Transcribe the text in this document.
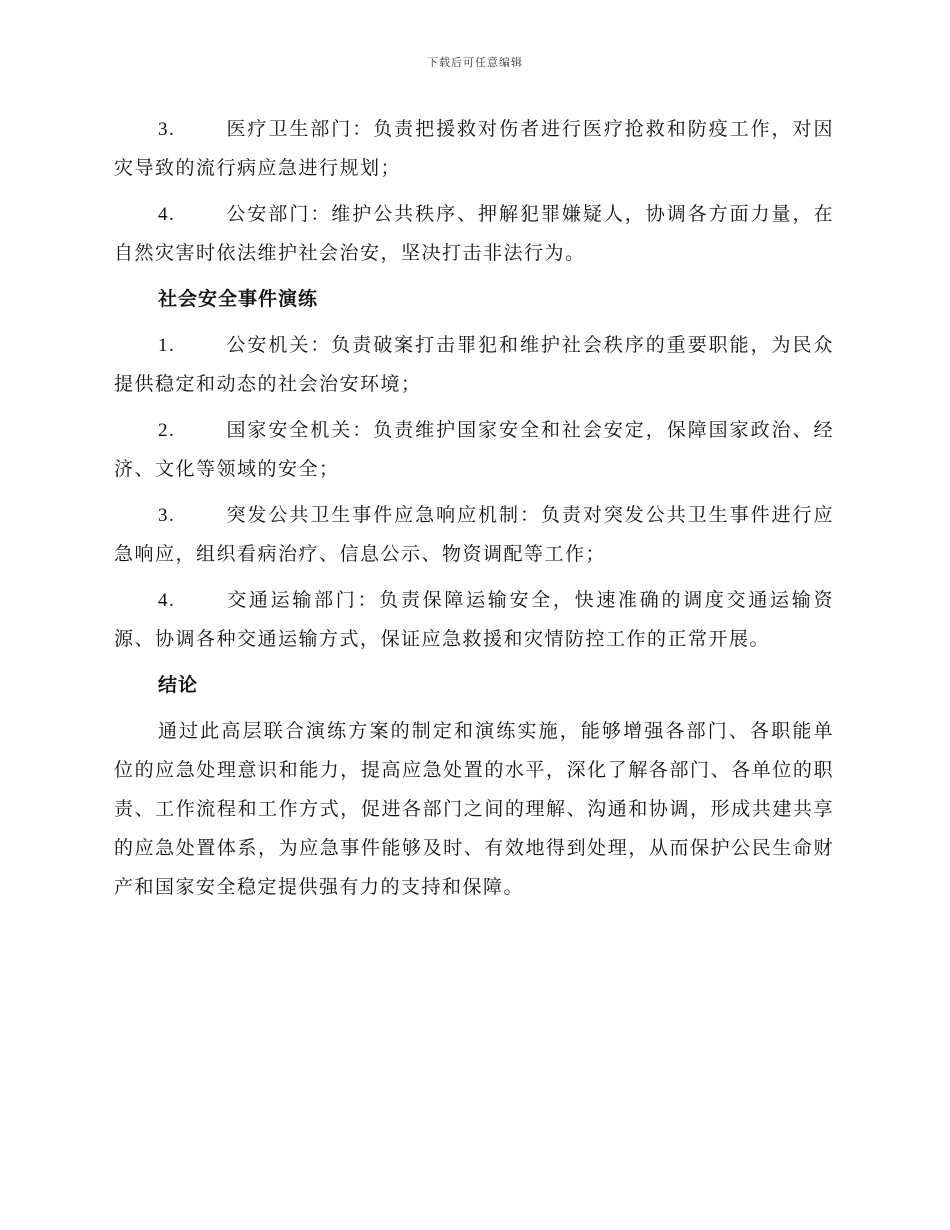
下载后可任意编辑

3.	医疗卫生部门：负责把援救对伤者进行医疗抢救和防疫工作，对因灾导致的流行病应急进行规划；

4.	公安部门：维护公共秩序、押解犯罪嫌疑人，协调各方面力量，在自然灾害时依法维护社会治安，坚决打击非法行为。

社会安全事件演练

1.	公安机关：负责破案打击罪犯和维护社会秩序的重要职能，为民众提供稳定和动态的社会治安环境；

2.	国家安全机关：负责维护国家安全和社会安定，保障国家政治、经济、文化等领域的安全；

3.	突发公共卫生事件应急响应机制：负责对突发公共卫生事件进行应急响应，组织看病治疗、信息公示、物资调配等工作；

4.	交通运输部门：负责保障运输安全，快速准确的调度交通运输资源、协调各种交通运输方式，保证应急救援和灾情防控工作的正常开展。

结论

通过此高层联合演练方案的制定和演练实施，能够增强各部门、各职能单位的应急处理意识和能力，提高应急处置的水平，深化了解各部门、各单位的职责、工作流程和工作方式，促进各部门之间的理解、沟通和协调，形成共建共享的应急处置体系，为应急事件能够及时、有效地得到处理，从而保护公民生命财产和国家安全稳定提供强有力的支持和保障。
